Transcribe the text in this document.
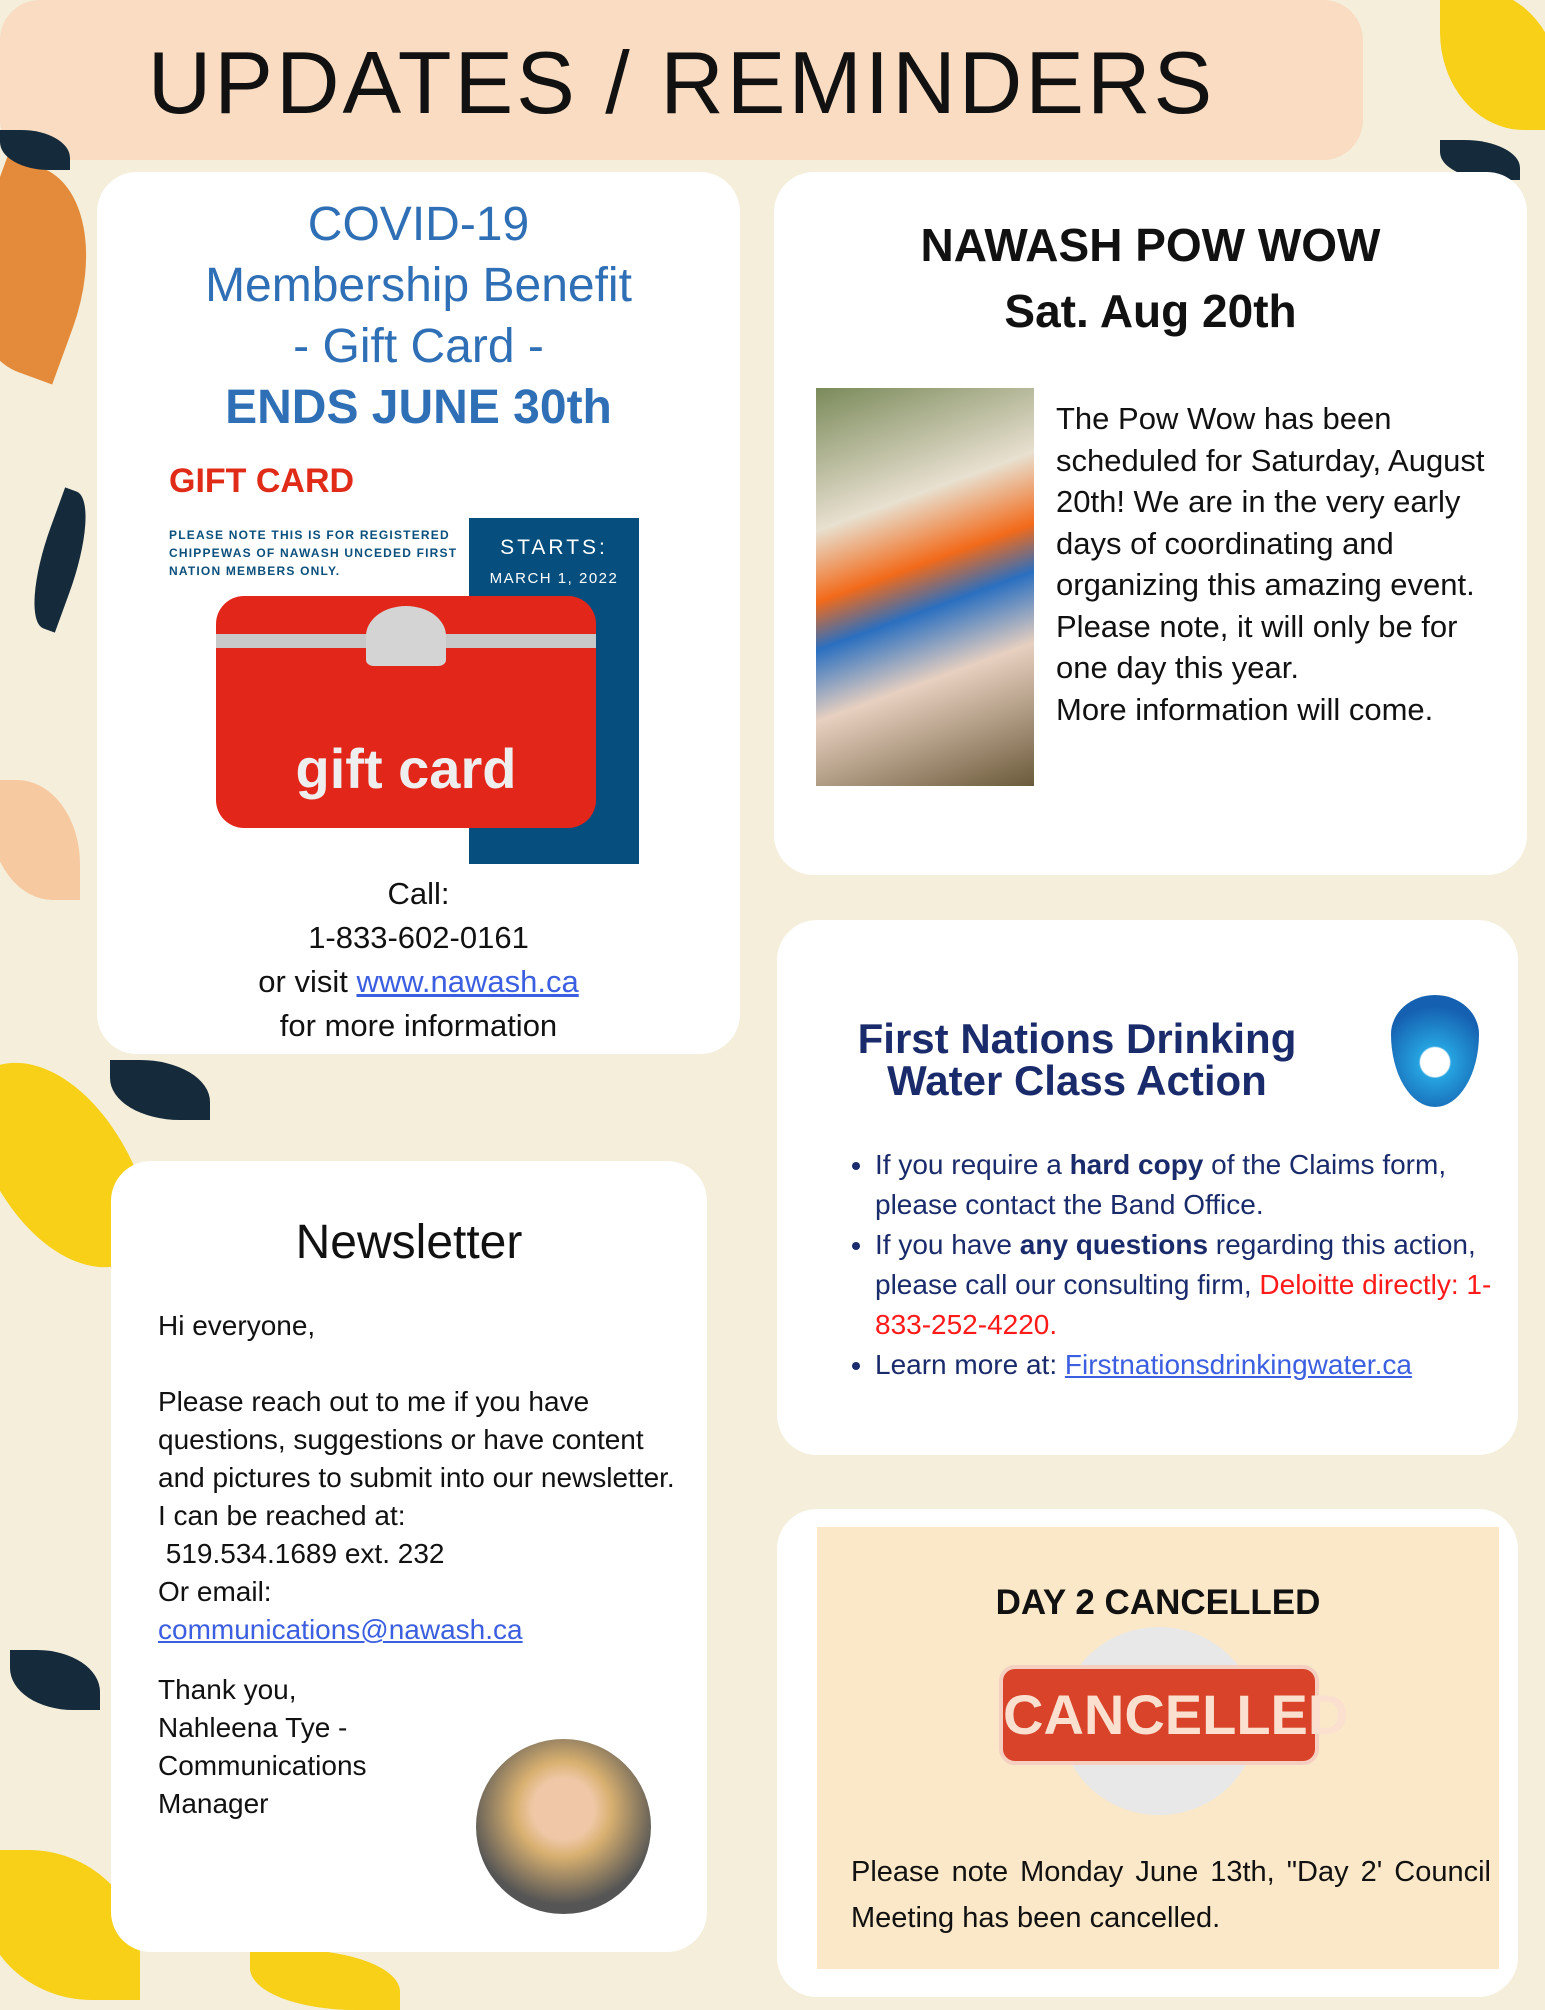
UPDATES / REMINDERS
COVID-19
Membership Benefit
- Gift Card -
ENDS JUNE 30th
GIFT CARD
PLEASE NOTE THIS IS FOR REGISTERED CHIPPEWAS OF NAWASH UNCEDED FIRST NATION MEMBERS ONLY.
STARTS:
MARCH 1, 2022
gift card
Call:
1-833-602-0161
or visit www.nawash.ca
for more information
NAWASH POW WOW
Sat. Aug 20th
The Pow Wow has been scheduled for Saturday, August 20th! We are in the very early days of coordinating and organizing this amazing event. Please note, it will only be for one day this year.
More information will come.
First Nations Drinking
Water Class Action
• If you require a hard copy of the Claims form, please contact the Band Office.
• If you have any questions regarding this action, please call our consulting firm, Deloitte directly: 1-833-252-4220.
• Learn more at: Firstnationsdrinkingwater.ca
Newsletter
Hi everyone,
Please reach out to me if you have questions, suggestions or have content and pictures to submit into our newsletter.
I can be reached at:
519.534.1689 ext. 232
Or email:
communications@nawash.ca
Thank you,
Nahleena Tye -
Communications
Manager
DAY 2 CANCELLED
CANCELLED
Please note Monday June 13th, "Day 2' Council Meeting has been cancelled.
